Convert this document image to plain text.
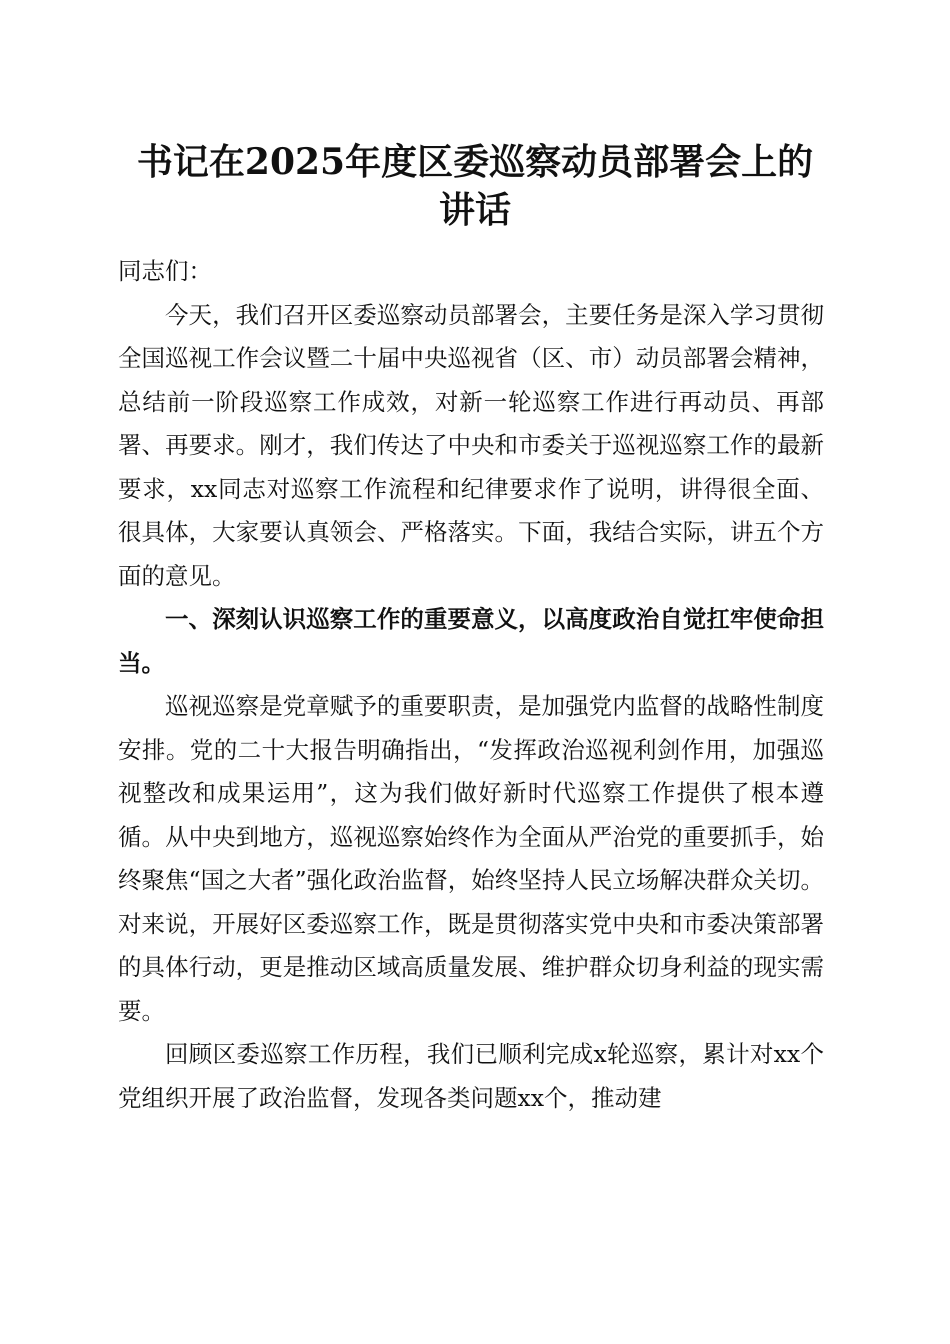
书记在2025年度区委巡察动员部署会上的讲话

同志们：

今天，我们召开区委巡察动员部署会，主要任务是深入学习贯彻全国巡视工作会议暨二十届中央巡视省（区、市）动员部署会精神，总结前一阶段巡察工作成效，对新一轮巡察工作进行再动员、再部署、再要求。刚才，我们传达了中央和市委关于巡视巡察工作的最新要求，xx同志对巡察工作流程和纪律要求作了说明，讲得很全面、很具体，大家要认真领会、严格落实。下面，我结合实际，讲五个方面的意见。

一、深刻认识巡察工作的重要意义，以高度政治自觉扛牢使命担当。

巡视巡察是党章赋予的重要职责，是加强党内监督的战略性制度安排。党的二十大报告明确指出，“发挥政治巡视利剑作用，加强巡视整改和成果运用”，这为我们做好新时代巡察工作提供了根本遵循。从中央到地方，巡视巡察始终作为全面从严治党的重要抓手，始终聚焦“国之大者”强化政治监督，始终坚持人民立场解决群众关切。对来说，开展好区委巡察工作，既是贯彻落实党中央和市委决策部署的具体行动，更是推动区域高质量发展、维护群众切身利益的现实需要。

回顾区委巡察工作历程，我们已顺利完成x轮巡察，累计对xx个党组织开展了政治监督，发现各类问题xx个，推动建
